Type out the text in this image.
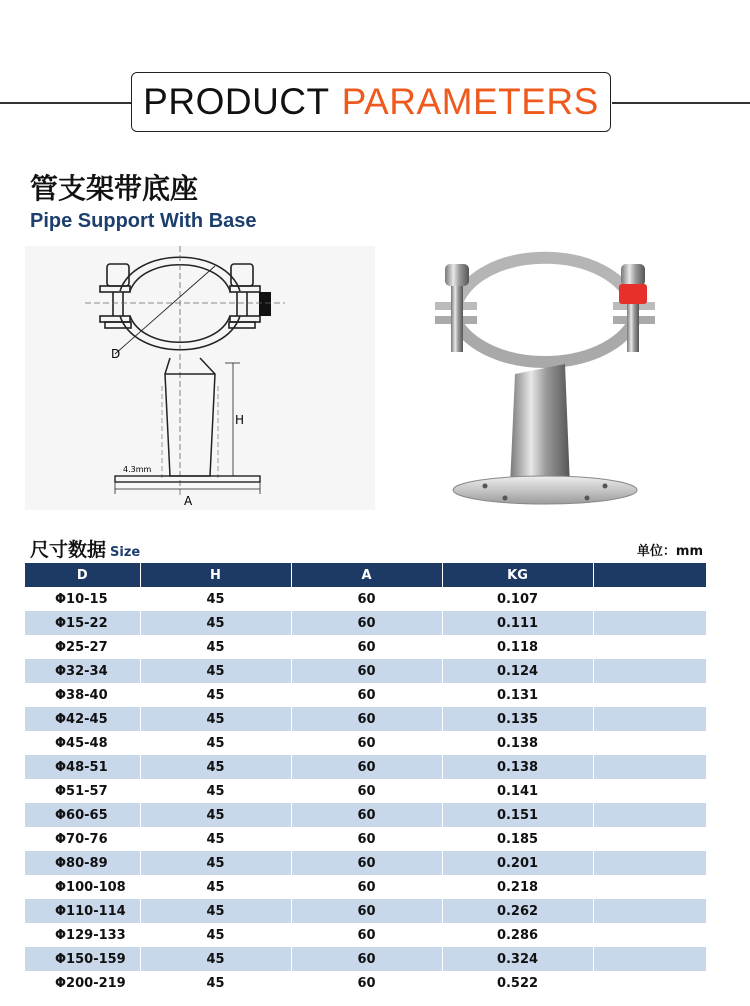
PRODUCT PARAMETERS
管支架带底座
Pipe Support With Base
D
H
A
4.3mm
尺寸数据 Size	单位：mm
D	H	A	KG	
Φ10-15	45	60	0.107	
Φ15-22	45	60	0.111	
Φ25-27	45	60	0.118	
Φ32-34	45	60	0.124	
Φ38-40	45	60	0.131	
Φ42-45	45	60	0.135	
Φ45-48	45	60	0.138	
Φ48-51	45	60	0.138	
Φ51-57	45	60	0.141	
Φ60-65	45	60	0.151	
Φ70-76	45	60	0.185	
Φ80-89	45	60	0.201	
Φ100-108	45	60	0.218	
Φ110-114	45	60	0.262	
Φ129-133	45	60	0.286	
Φ150-159	45	60	0.324	
Φ200-219	45	60	0.522	
